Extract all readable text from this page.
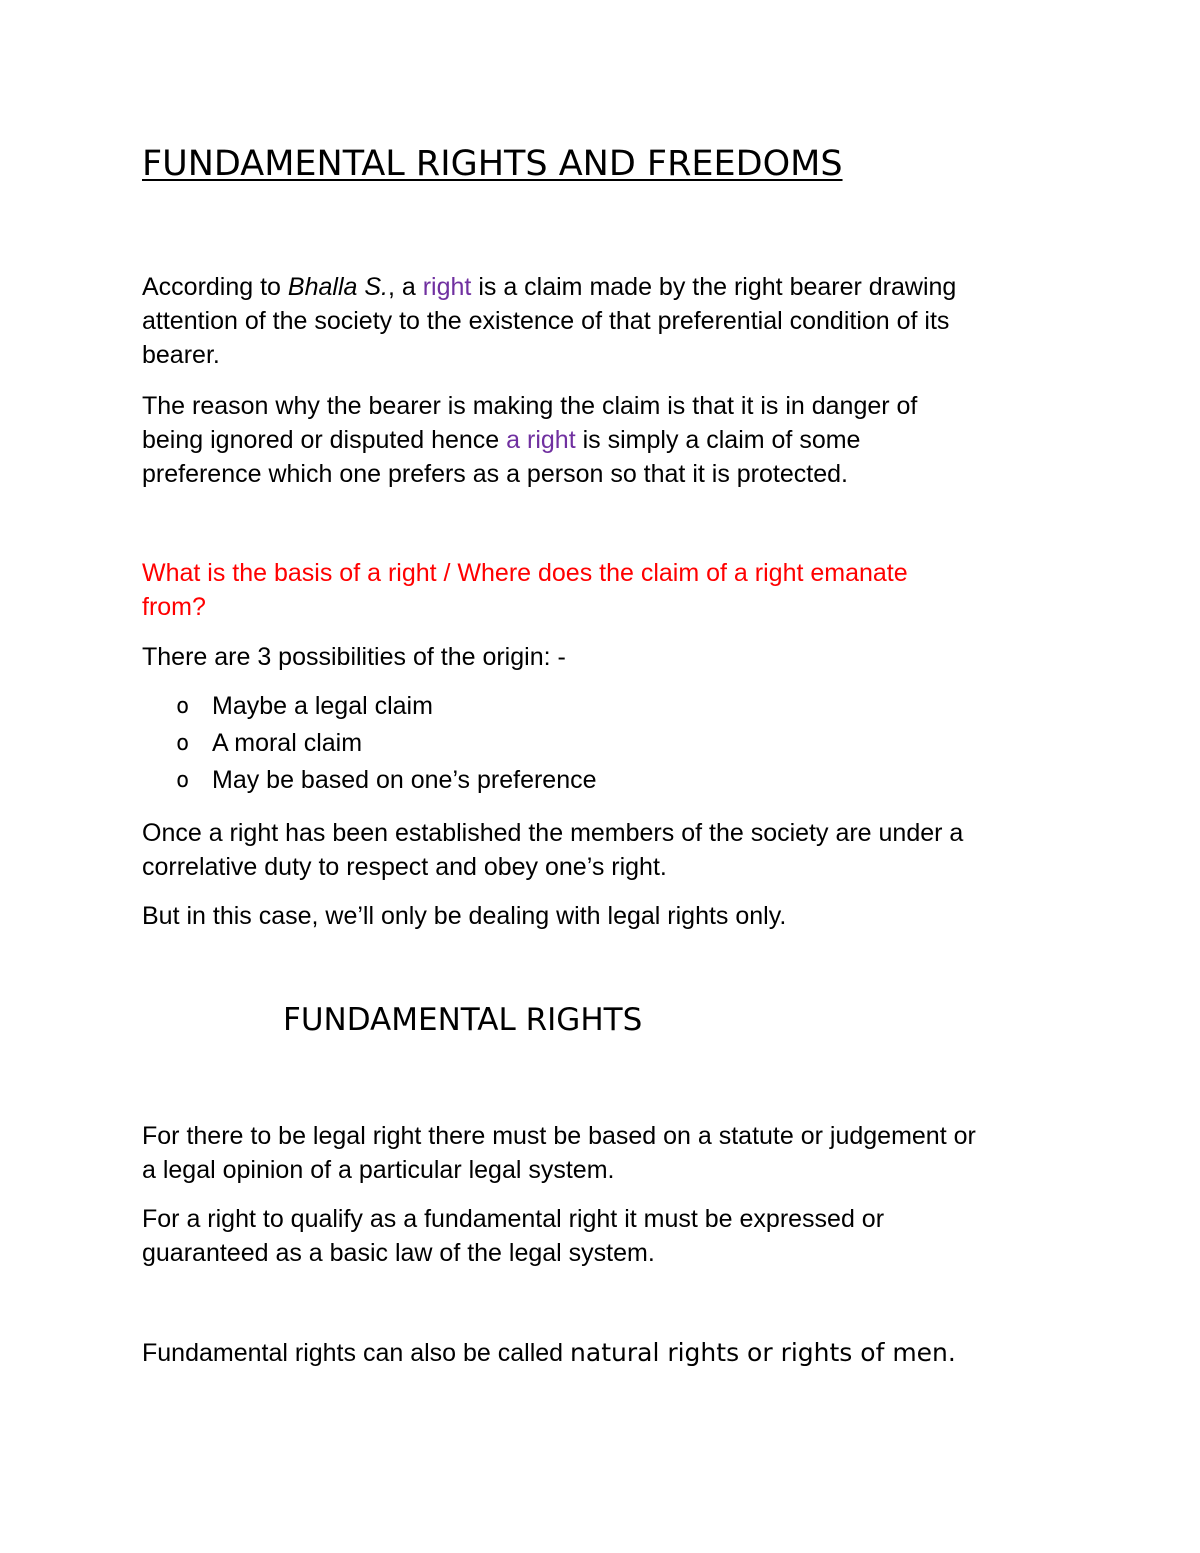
FUNDAMENTAL RIGHTS AND FREEDOMS

According to Bhalla S., a right is a claim made by the right bearer drawing
attention of the society to the existence of that preferential condition of its
bearer.

The reason why the bearer is making the claim is that it is in danger of
being ignored or disputed hence a right is simply a claim of some
preference which one prefers as a person so that it is protected.

What is the basis of a right / Where does the claim of a right emanate
from?

There are 3 possibilities of the origin: -

o Maybe a legal claim
o A moral claim
o May be based on one’s preference

Once a right has been established the members of the society are under a
correlative duty to respect and obey one’s right.

But in this case, we’ll only be dealing with legal rights only.

FUNDAMENTAL RIGHTS

For there to be legal right there must be based on a statute or judgement or
a legal opinion of a particular legal system.

For a right to qualify as a fundamental right it must be expressed or
guaranteed as a basic law of the legal system.

Fundamental rights can also be called natural rights or rights of men.
